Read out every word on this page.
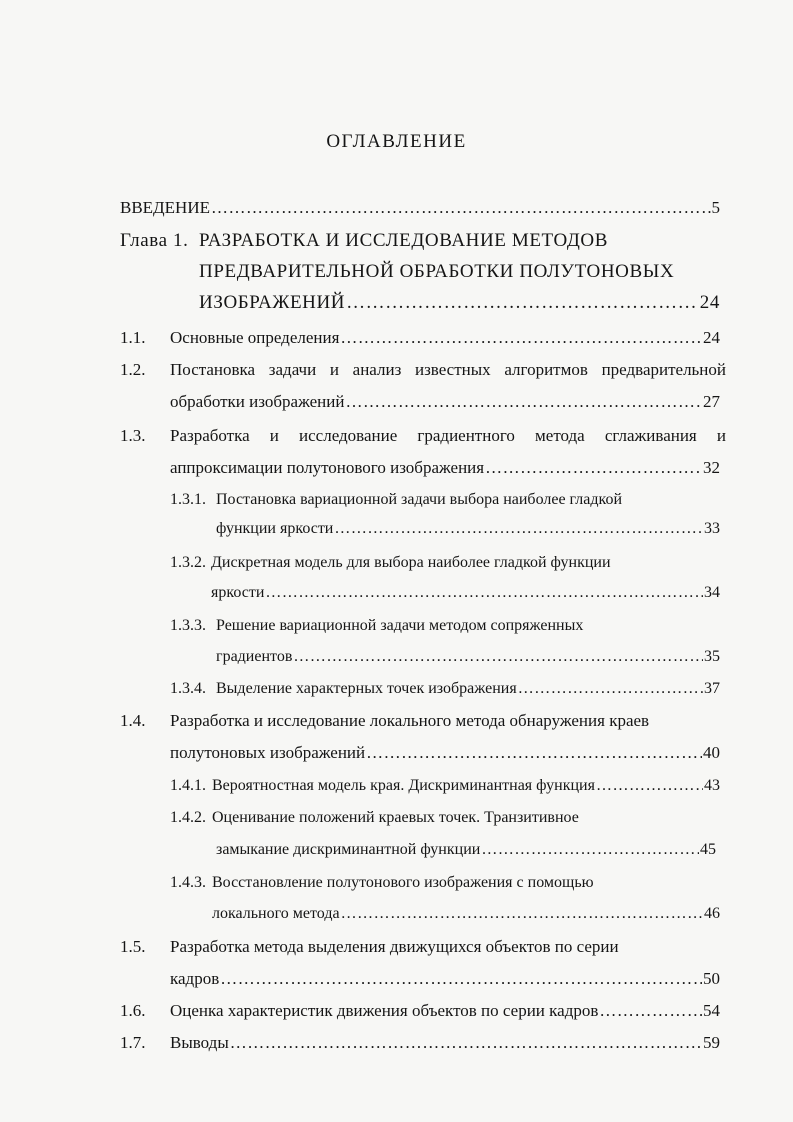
ОГЛАВЛЕНИЕ
ВВЕДЕНИЕ ……………………………………………………………………………………………………………………………………………………………………	5
Глава 1. РАЗРАБОТКА И ИССЛЕДОВАНИЕ МЕТОДОВ
ПРЕДВАРИТЕЛЬНОЙ ОБРАБОТКИ ПОЛУТОНОВЫХ
ИЗОБРАЖЕНИЙ ……………………………………………………………………………………………………………………………………………………………………	24
1.1. Основные определения ……………………………………………………………………………………………………………………………………………………………………	24
1.2. Постановка задачи и анализ известных алгоритмов предварительной
обработки изображений ……………………………………………………………………………………………………………………………………………………………………	27
1.3. Разработка и исследование градиентного метода сглаживания и
аппроксимации полутонового изображения ……………………………………………………………………………………………………………………………………………………………………	32
1.3.1. Постановка вариационной задачи выбора наиболее гладкой
функции яркости ……………………………………………………………………………………………………………………………………………………………………	33
1.3.2. Дискретная модель для выбора наиболее гладкой функции
яркости ……………………………………………………………………………………………………………………………………………………………………	34
1.3.3. Решение вариационной задачи методом сопряженных
градиентов ……………………………………………………………………………………………………………………………………………………………………	35
1.3.4. Выделение характерных точек изображения ……………………………………………………………………………………………………………………………………………………………………	37
1.4. Разработка и исследование локального метода обнаружения краев
полутоновых изображений ……………………………………………………………………………………………………………………………………………………………………	40
1.4.1. Вероятностная модель края. Дискриминантная функция ……………………………………………………………………………………………………………………………………………………………………	43
1.4.2. Оценивание положений краевых точек. Транзитивное
замыкание дискриминантной функции ……………………………………………………………………………………………………………………………………………………………………	45
1.4.3. Восстановление полутонового изображения с помощью
локального метода ……………………………………………………………………………………………………………………………………………………………………	46
1.5. Разработка метода выделения движущихся объектов по серии
кадров ……………………………………………………………………………………………………………………………………………………………………	50
1.6. Оценка характеристик движения объектов по серии кадров ……………………………………………………………………………………………………………………………………………………………………	54
1.7. Выводы ……………………………………………………………………………………………………………………………………………………………………	59
